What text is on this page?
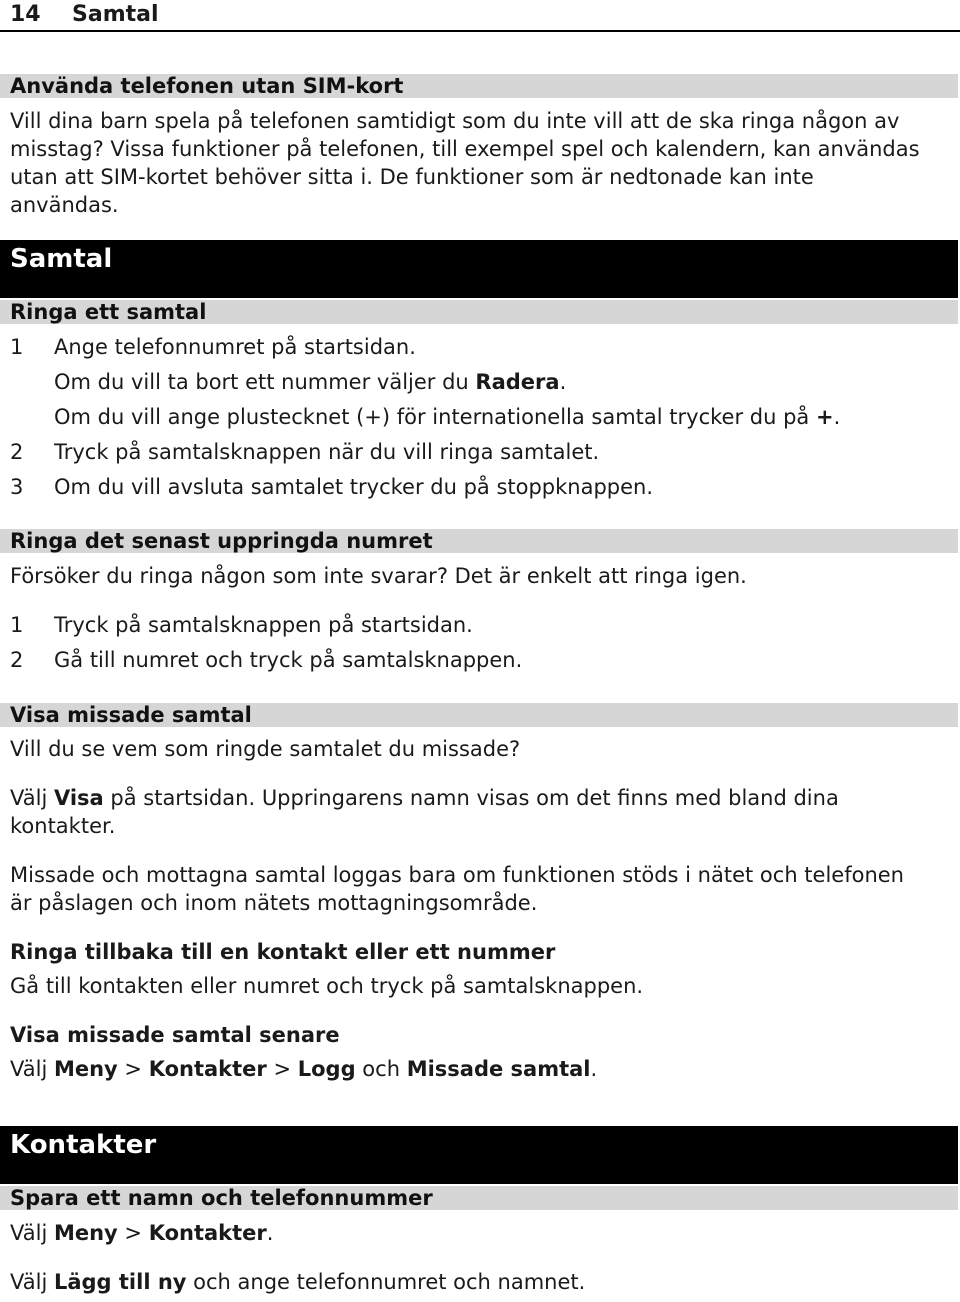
14 Samtal
Använda telefonen utan SIM-kort
Vill dina barn spela på telefonen samtidigt som du inte vill att de ska ringa någon av
misstag? Vissa funktioner på telefonen, till exempel spel och kalendern, kan användas
utan att SIM-kortet behöver sitta i. De funktioner som är nedtonade kan inte
användas.
Samtal
Ringa ett samtal
1 Ange telefonnumret på startsidan.
Om du vill ta bort ett nummer väljer du Radera.
Om du vill ange plustecknet (+) för internationella samtal trycker du på +.
2 Tryck på samtalsknappen när du vill ringa samtalet.
3 Om du vill avsluta samtalet trycker du på stoppknappen.
Ringa det senast uppringda numret
Försöker du ringa någon som inte svarar? Det är enkelt att ringa igen.
1 Tryck på samtalsknappen på startsidan.
2 Gå till numret och tryck på samtalsknappen.
Visa missade samtal
Vill du se vem som ringde samtalet du missade?
Välj Visa på startsidan. Uppringarens namn visas om det finns med bland dina
kontakter.
Missade och mottagna samtal loggas bara om funktionen stöds i nätet och telefonen
är påslagen och inom nätets mottagningsområde.
Ringa tillbaka till en kontakt eller ett nummer
Gå till kontakten eller numret och tryck på samtalsknappen.
Visa missade samtal senare
Välj Meny > Kontakter > Logg och Missade samtal.
Kontakter
Spara ett namn och telefonnummer
Välj Meny > Kontakter.
Välj Lägg till ny och ange telefonnumret och namnet.
